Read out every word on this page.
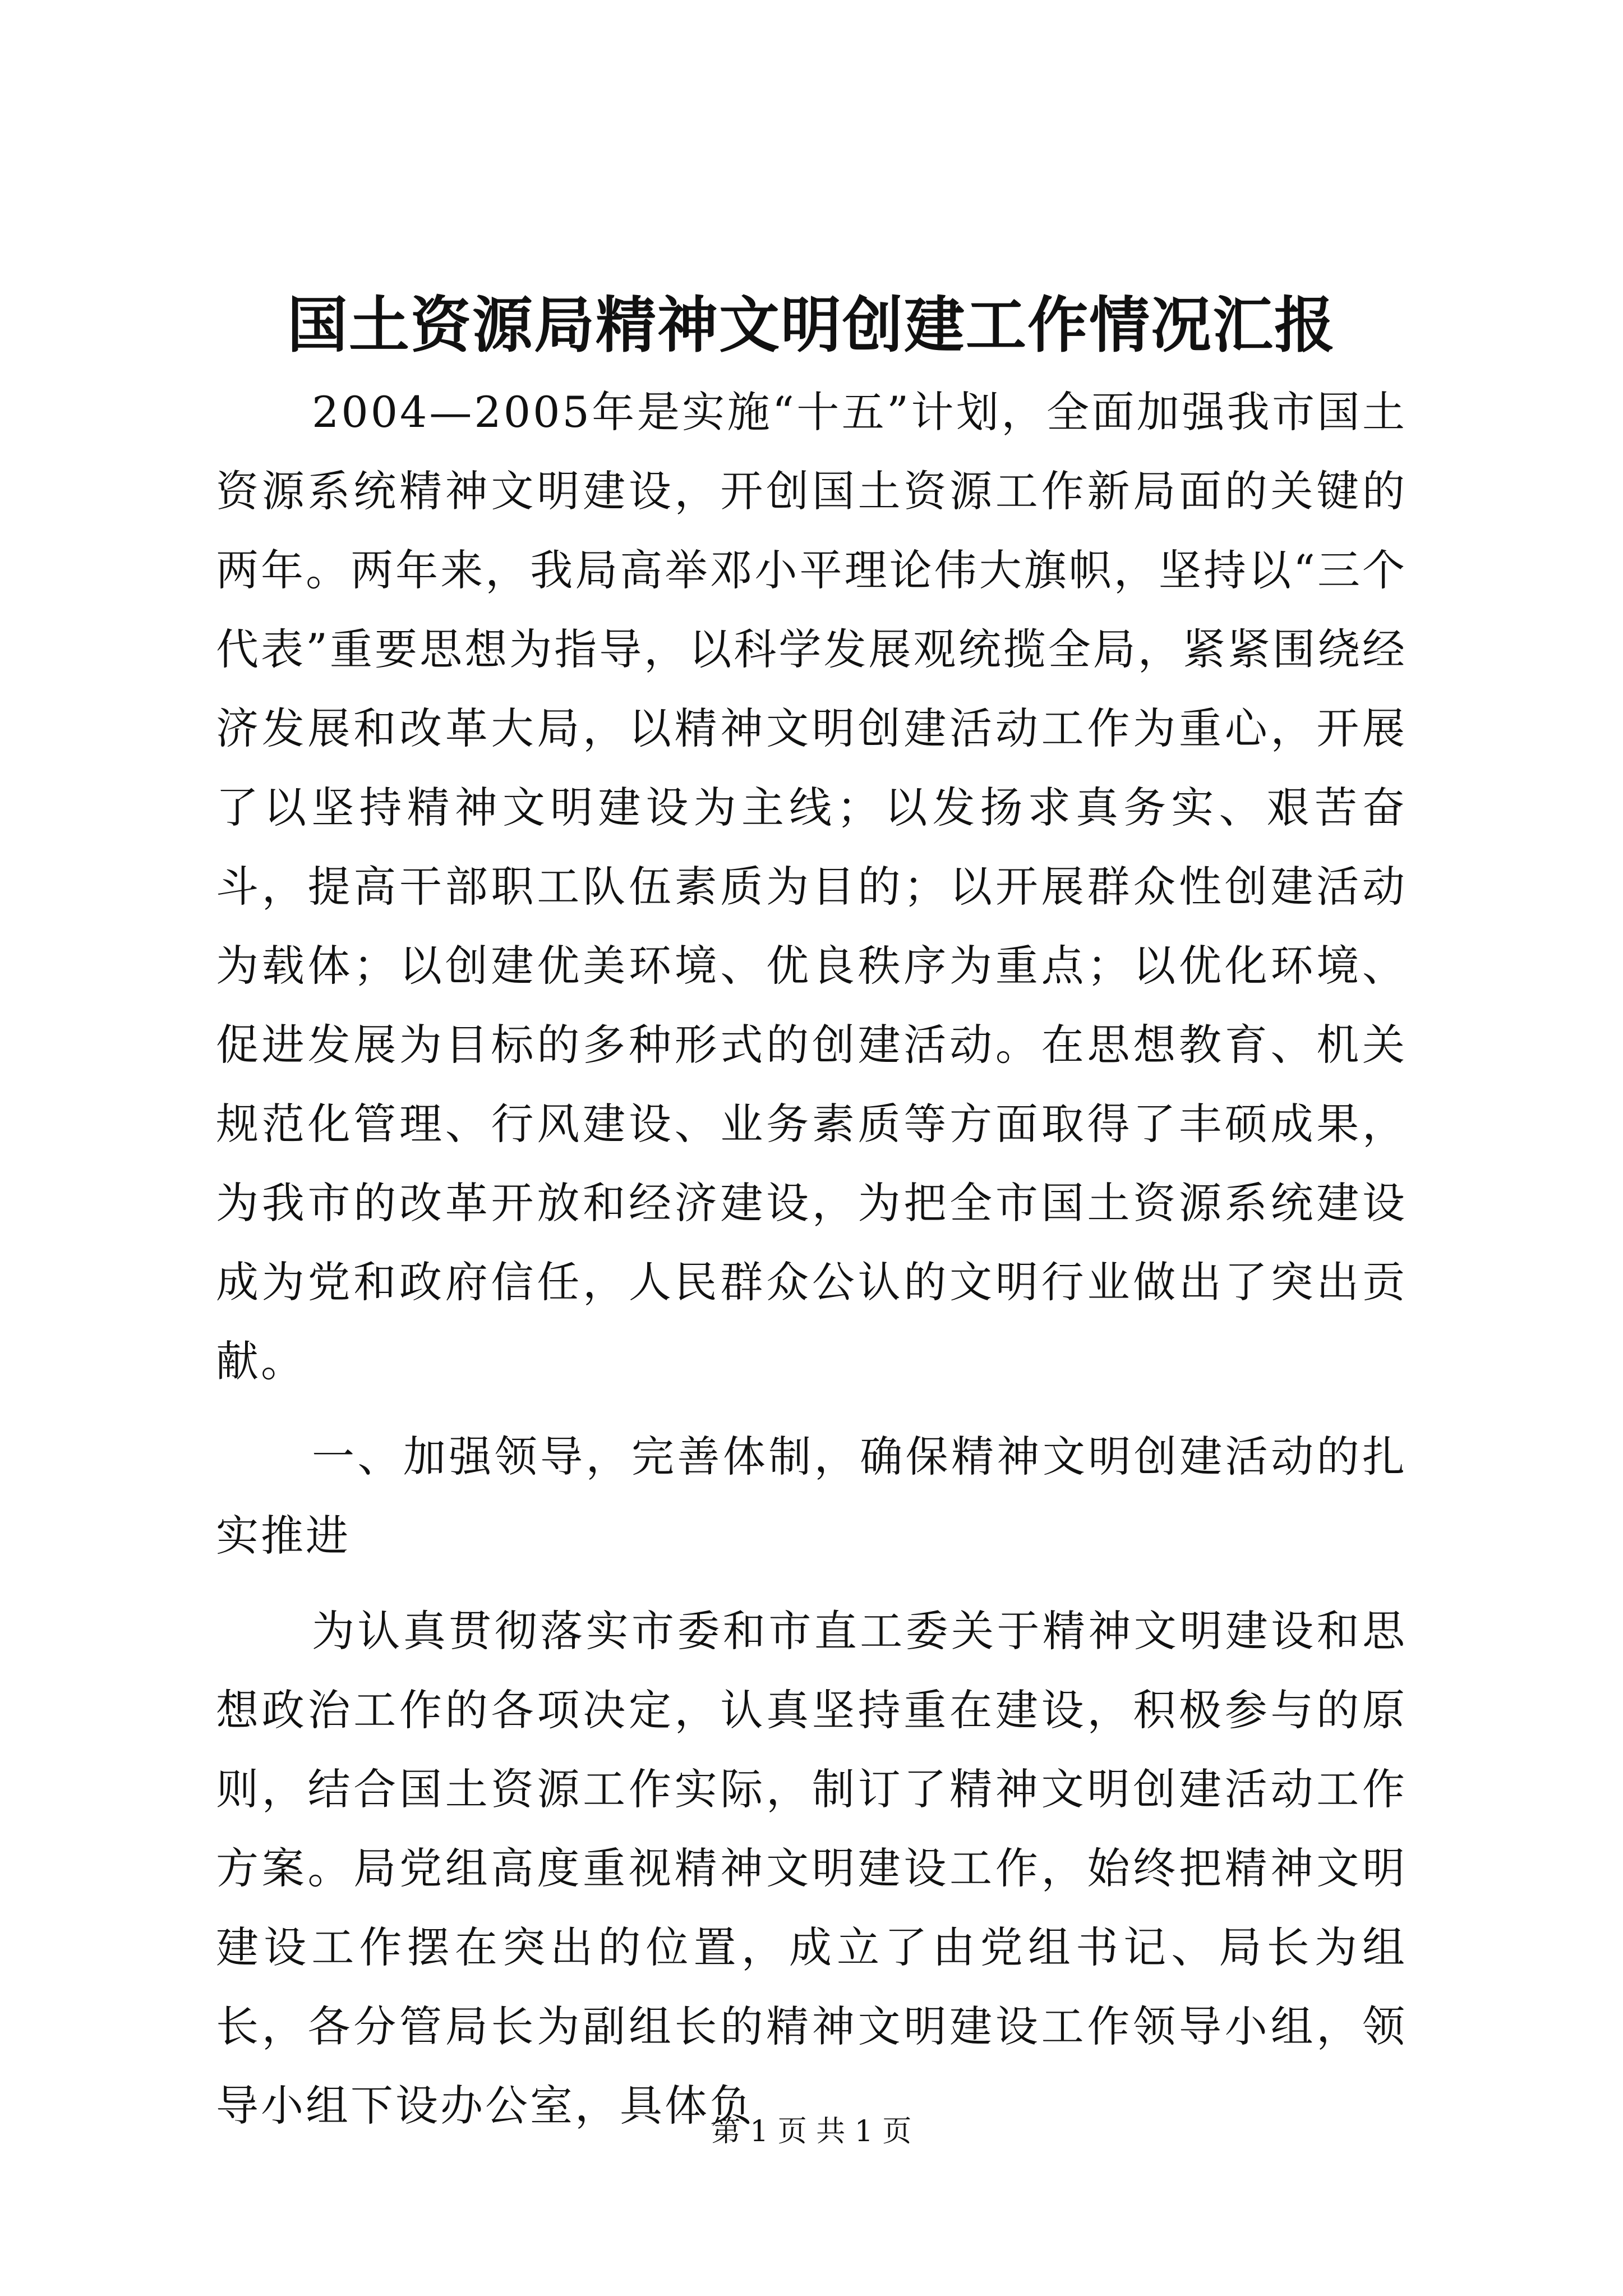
国土资源局精神文明创建工作情况汇报

2004—2005年是实施“十五”计划，全面加强我市国土资源系统精神文明建设，开创国土资源工作新局面的关键的两年。两年来，我局高举邓小平理论伟大旗帜，坚持以“三个代表”重要思想为指导，以科学发展观统揽全局，紧紧围绕经济发展和改革大局，以精神文明创建活动工作为重心，开展了以坚持精神文明建设为主线；以发扬求真务实、艰苦奋斗，提高干部职工队伍素质为目的；以开展群众性创建活动为载体；以创建优美环境、优良秩序为重点；以优化环境、促进发展为目标的多种形式的创建活动。在思想教育、机关规范化管理、行风建设、业务素质等方面取得了丰硕成果，为我市的改革开放和经济建设，为把全市国土资源系统建设成为党和政府信任，人民群众公认的文明行业做出了突出贡献。

一、加强领导，完善体制，确保精神文明创建活动的扎实推进

为认真贯彻落实市委和市直工委关于精神文明建设和思想政治工作的各项决定，认真坚持重在建设，积极参与的原则，结合国土资源工作实际，制订了精神文明创建活动工作方案。局党组高度重视精神文明建设工作，始终把精神文明建设工作摆在突出的位置，成立了由党组书记、局长为组长，各分管局长为副组长的精神文明建设工作领导小组，领导小组下设办公室，具体负

第 1 页 共 1 页
